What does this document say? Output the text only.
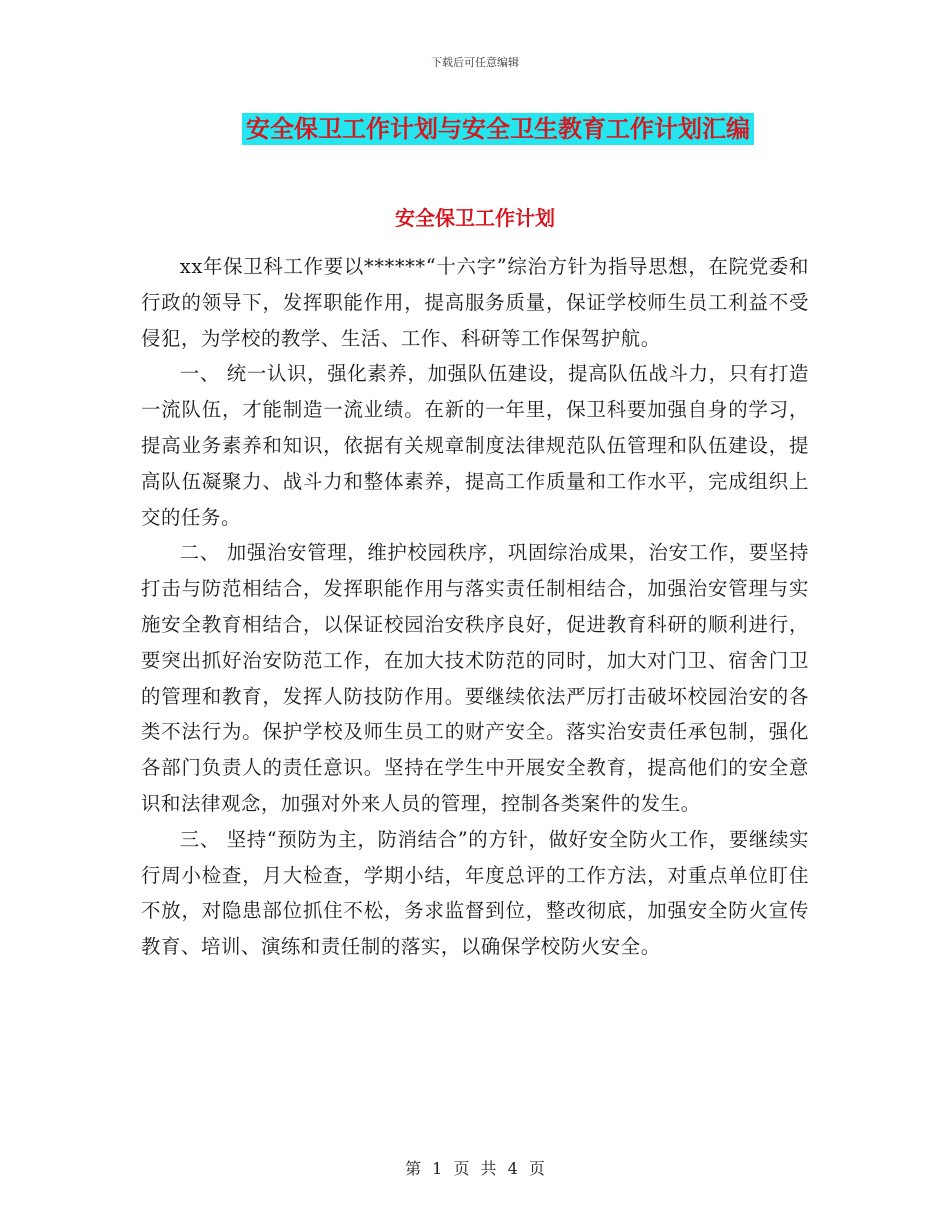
下载后可任意编辑
安全保卫工作计划与安全卫生教育工作计划汇编
安全保卫工作计划

xx年保卫科工作要以******“十六字”综治方针为指导思想，在院党委和行政的领导下，发挥职能作用，提高服务质量，保证学校师生员工利益不受侵犯，为学校的教学、生活、工作、科研等工作保驾护航。

一、 统一认识，强化素养，加强队伍建设，提高队伍战斗力，只有打造一流队伍，才能制造一流业绩。在新的一年里，保卫科要加强自身的学习，提高业务素养和知识，依据有关规章制度法律规范队伍管理和队伍建设，提高队伍凝聚力、战斗力和整体素养，提高工作质量和工作水平，完成组织上交的任务。

二、 加强治安管理，维护校园秩序，巩固综治成果，治安工作，要坚持打击与防范相结合，发挥职能作用与落实责任制相结合，加强治安管理与实施安全教育相结合，以保证校园治安秩序良好，促进教育科研的顺利进行，要突出抓好治安防范工作，在加大技术防范的同时，加大对门卫、宿舍门卫的管理和教育，发挥人防技防作用。要继续依法严厉打击破坏校园治安的各类不法行为。保护学校及师生员工的财产安全。落实治安责任承包制，强化各部门负责人的责任意识。坚持在学生中开展安全教育，提高他们的安全意识和法律观念，加强对外来人员的管理，控制各类案件的发生。

三、 坚持“预防为主，防消结合”的方针，做好安全防火工作，要继续实行周小检查，月大检查，学期小结，年度总评的工作方法，对重点单位盯住不放，对隐患部位抓住不松，务求监督到位，整改彻底，加强安全防火宣传教育、培训、演练和责任制的落实，以确保学校防火安全。

第 1 页 共 4 页
